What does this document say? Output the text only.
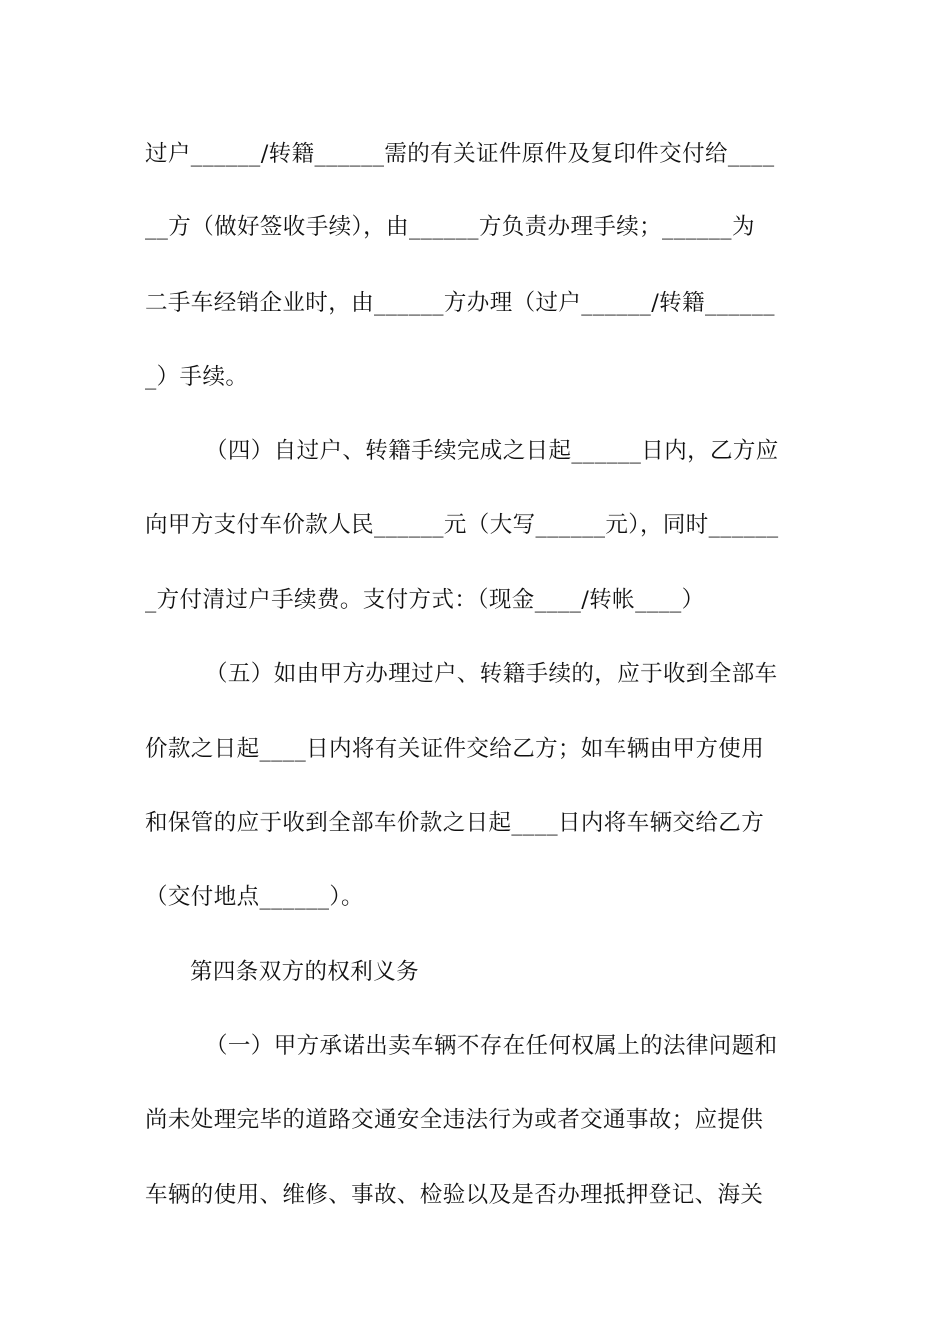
过户______/转籍______需的有关证件原件及复印件交付给____
__方（做好签收手续），由______方负责办理手续；______为
二手车经销企业时，由______方办理（过户______/转籍______
_）手续。
（四）自过户、转籍手续完成之日起______日内，乙方应
向甲方支付车价款人民______元（大写______元），同时______
_方付清过户手续费。支付方式：（现金____/转帐____）
（五）如由甲方办理过户、转籍手续的，应于收到全部车
价款之日起____日内将有关证件交给乙方；如车辆由甲方使用
和保管的应于收到全部车价款之日起____日内将车辆交给乙方
（交付地点______）。
第四条双方的权利义务
（一）甲方承诺出卖车辆不存在任何权属上的法律问题和
尚未处理完毕的道路交通安全违法行为或者交通事故；应提供
车辆的使用、维修、事故、检验以及是否办理抵押登记、海关
